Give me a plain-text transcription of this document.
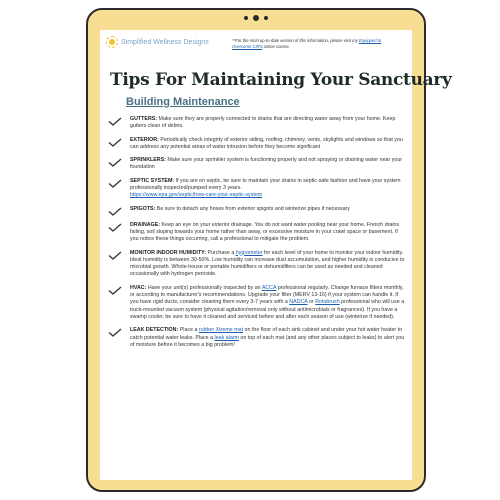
Simplified Wellness Designs	**For the most up-to-date version of this information, please visit my Equipped to
Overcome CIRS online course.
Tips For Maintaining Your Sanctuary
Building Maintenance
GUTTERS: Make sure they are properly connected to drains that are directing water away from your home. Keep gutters clean of debris.
EXTERIOR: Periodically check integrity of exterior siding, roofing, chimney, vents, skylights and windows so that you can address any potential areas of water intrusion before they become significant
SPRINKLERS: Make sure your sprinkler system is functioning properly and not spraying or draining water near your foundation
SEPTIC SYSTEM: If you are on septic, be sure to maintain your drains in septic-safe fashion and have your system professionally inspected/pumped every 3 years.
https://www.epa.gov/septic/how-care-your-septic-system
SPIGOTS: Be sure to detach any hoses from exterior spigots and winterize pipes if necessary
DRAINAGE: Keep an eye on your exterior drainage. You do not want water pooling near your home, French drains failing, soil sloping towards your home rather than away, or excessive moisture in your crawl space or basement. If you notice these things occurring, call a professional to mitigate the problem.
MONITOR INDOOR HUMIDITY: Purchase a hygrometer for each level of your home to monitor your indoor humidity. Ideal humidity is between 30-50%. Low humidity can increase dust accumulation, and higher humidity is conducive to microbial growth. Whole-house or portable humidifiers or dehumidifiers can be used as needed and cleaned occasionally with hydrogen peroxide.
HVAC: Have your unit(s) professionally inspected by an ACCA professional regularly. Change furnace filters monthly, or according to manufacturer's recommendations. Upgrade your filter (MERV 13-16) if your system can handle it. If you have rigid ducts, consider cleaning them every 3-7 years with a NADCA or Rotobrush professional who will use a truck-mounted vacuum system (physical agitation/removal only without antimicrobials or fragrances). If you have a swamp cooler, be sure to have it cleaned and serviced before and after each season of use (winterize if needed).
LEAK DETECTION: Place a rubber Xtreme mat on the floor of each sink cabinet and under your hot water heater to catch potential water leaks. Place a leak alarm on top of each mat (and any other places subject to leaks) to alert you of moisture before it becomes a big problem!
